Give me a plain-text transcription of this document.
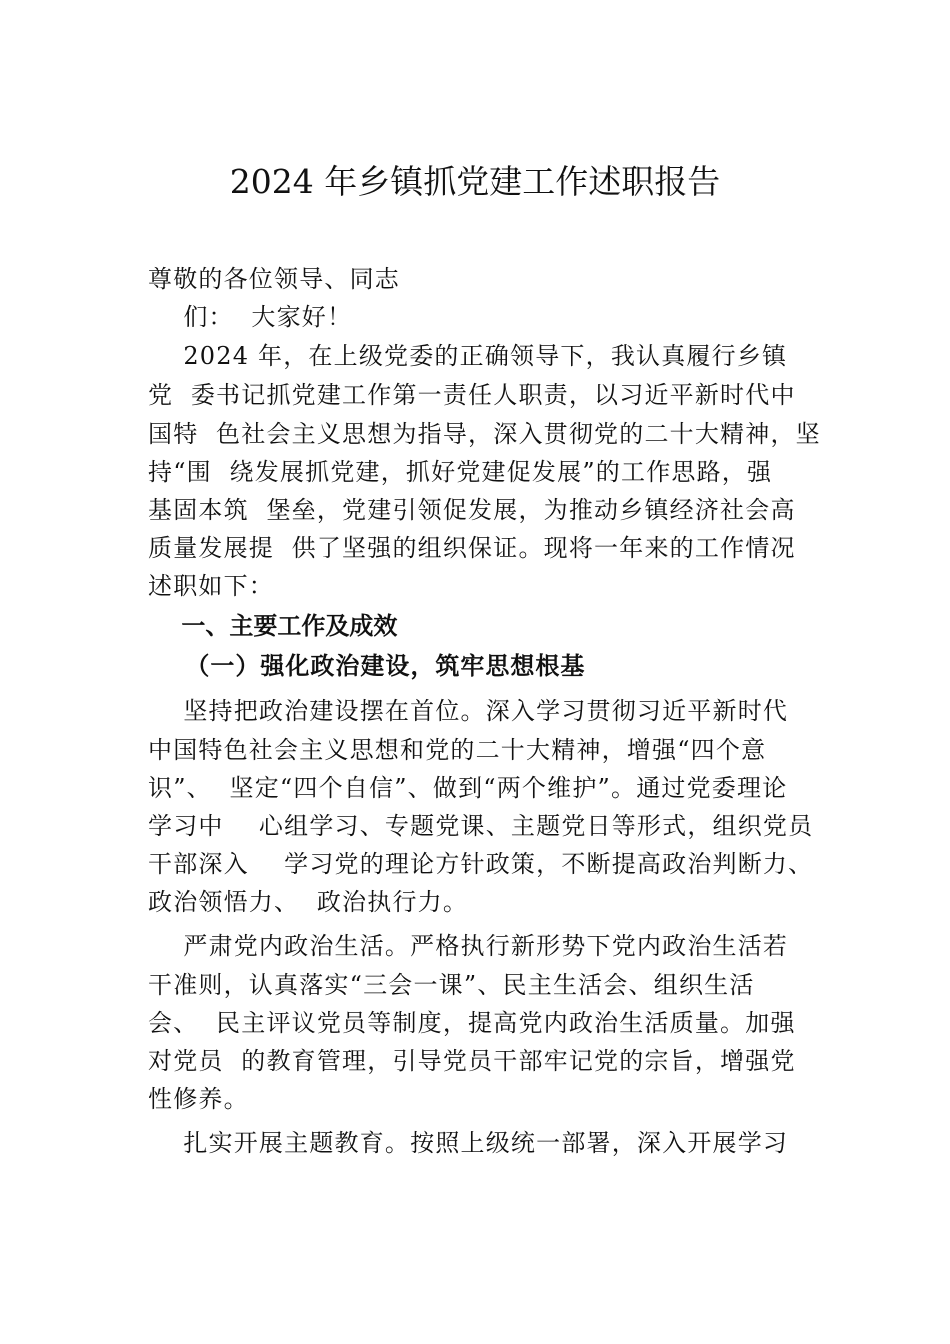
2024 年乡镇抓党建工作述职报告
尊敬的各位领导、同志
们：  大家好！
2024 年，在上级党委的正确领导下，我认真履行乡镇
党  委书记抓党建工作第一责任人职责，以习近平新时代中
国特  色社会主义思想为指导，深入贯彻党的二十大精神，坚
持“围  绕发展抓党建，抓好党建促发展”的工作思路，强
基固本筑  堡垒，党建引领促发展，为推动乡镇经济社会高
质量发展提  供了坚强的组织保证。现将一年来的工作情况
述职如下：
一、主要工作及成效
（一）强化政治建设，筑牢思想根基
坚持把政治建设摆在首位。深入学习贯彻习近平新时代
中国特色社会主义思想和党的二十大精神，增强“四个意
识”、  坚定“四个自信”、做到“两个维护”。通过党委理论
学习中    心组学习、专题党课、主题党日等形式，组织党员
干部深入    学习党的理论方针政策，不断提高政治判断力、
政治领悟力、  政治执行力。
严肃党内政治生活。严格执行新形势下党内政治生活若
干准则，认真落实“三会一课”、民主生活会、组织生活
会、  民主评议党员等制度，提高党内政治生活质量。加强
对党员  的教育管理，引导党员干部牢记党的宗旨，增强党
性修养。
扎实开展主题教育。按照上级统一部署，深入开展学习
